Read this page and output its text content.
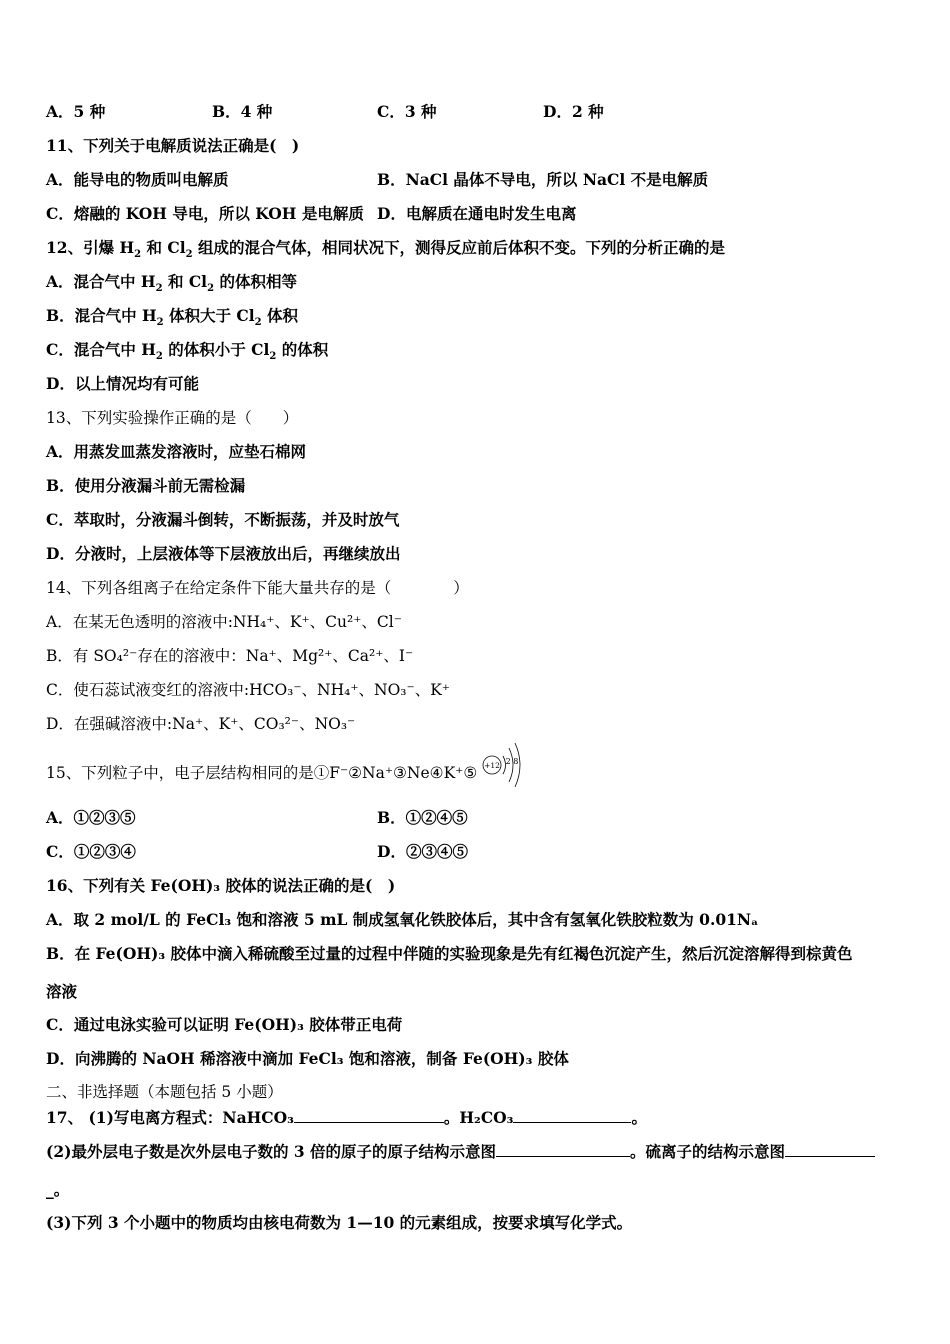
A．5 种	B．4 种	C．3 种	D．2 种
11、下列关于电解质说法正确是(　)
A．能导电的物质叫电解质	B．NaCl 晶体不导电，所以 NaCl 不是电解质
C．熔融的 KOH 导电，所以 KOH 是电解质 D．电解质在通电时发生电离
12、引爆 $H_2$ 和 $Cl_2$ 组成的混合气体，相同状况下，测得反应前后体积不变。下列的分析正确的是
A．混合气中 $H_2$ 和 $Cl_2$ 的体积相等
B．混合气中 $H_2$ 体积大于 $Cl_2$ 体积
C．混合气中 $H_2$ 的体积小于 $Cl_2$ 的体积
D．以上情况均有可能
13、下列实验操作正确的是（　　）
A．用蒸发皿蒸发溶液时，应垫石棉网
B．使用分液漏斗前无需检漏
C．萃取时，分液漏斗倒转，不断振荡，并及时放气
D．分液时，上层液体等下层液放出后，再继续放出
14、下列各组离子在给定条件下能大量共存的是（　　　　）
A．在某无色透明的溶液中:NH₄⁺、K⁺、Cu²⁺、Cl⁻
B．有 SO₄²⁻存在的溶液中：Na⁺、Mg²⁺、Ca²⁺、I⁻
C．使石蕊试液变红的溶液中:HCO₃⁻、NH₄⁺、NO₃⁻、K⁺
D．在强碱溶液中:Na⁺、K⁺、CO₃²⁻、NO₃⁻
15、下列粒子中，电子层结构相同的是①F⁻②Na⁺③Ne④K⁺⑤ +12 2 8
A．①②③⑤	B．①②④⑤
C．①②③④	D．②③④⑤
16、下列有关 Fe(OH)₃ 胶体的说法正确的是(　)
A．取 2 mol/L 的 FeCl₃ 饱和溶液 5 mL 制成氢氧化铁胶体后，其中含有氢氧化铁胶粒数为 0.01Nₐ
B．在 Fe(OH)₃ 胶体中滴入稀硫酸至过量的过程中伴随的实验现象是先有红褐色沉淀产生，然后沉淀溶解得到棕黄色
溶液
C．通过电泳实验可以证明 Fe(OH)₃ 胶体带正电荷
D．向沸腾的 NaOH 稀溶液中滴加 FeCl₃ 饱和溶液，制备 Fe(OH)₃ 胶体
二、非选择题（本题包括 5 小题）
17、 (1)写电离方程式：NaHCO₃	。H₂CO₃	。
(2)最外层电子数是次外层电子数的 3 倍的原子的原子结构示意图	。硫离子的结构示意图
_。
(3)下列 3 个小题中的物质均由核电荷数为 1—10 的元素组成，按要求填写化学式。
